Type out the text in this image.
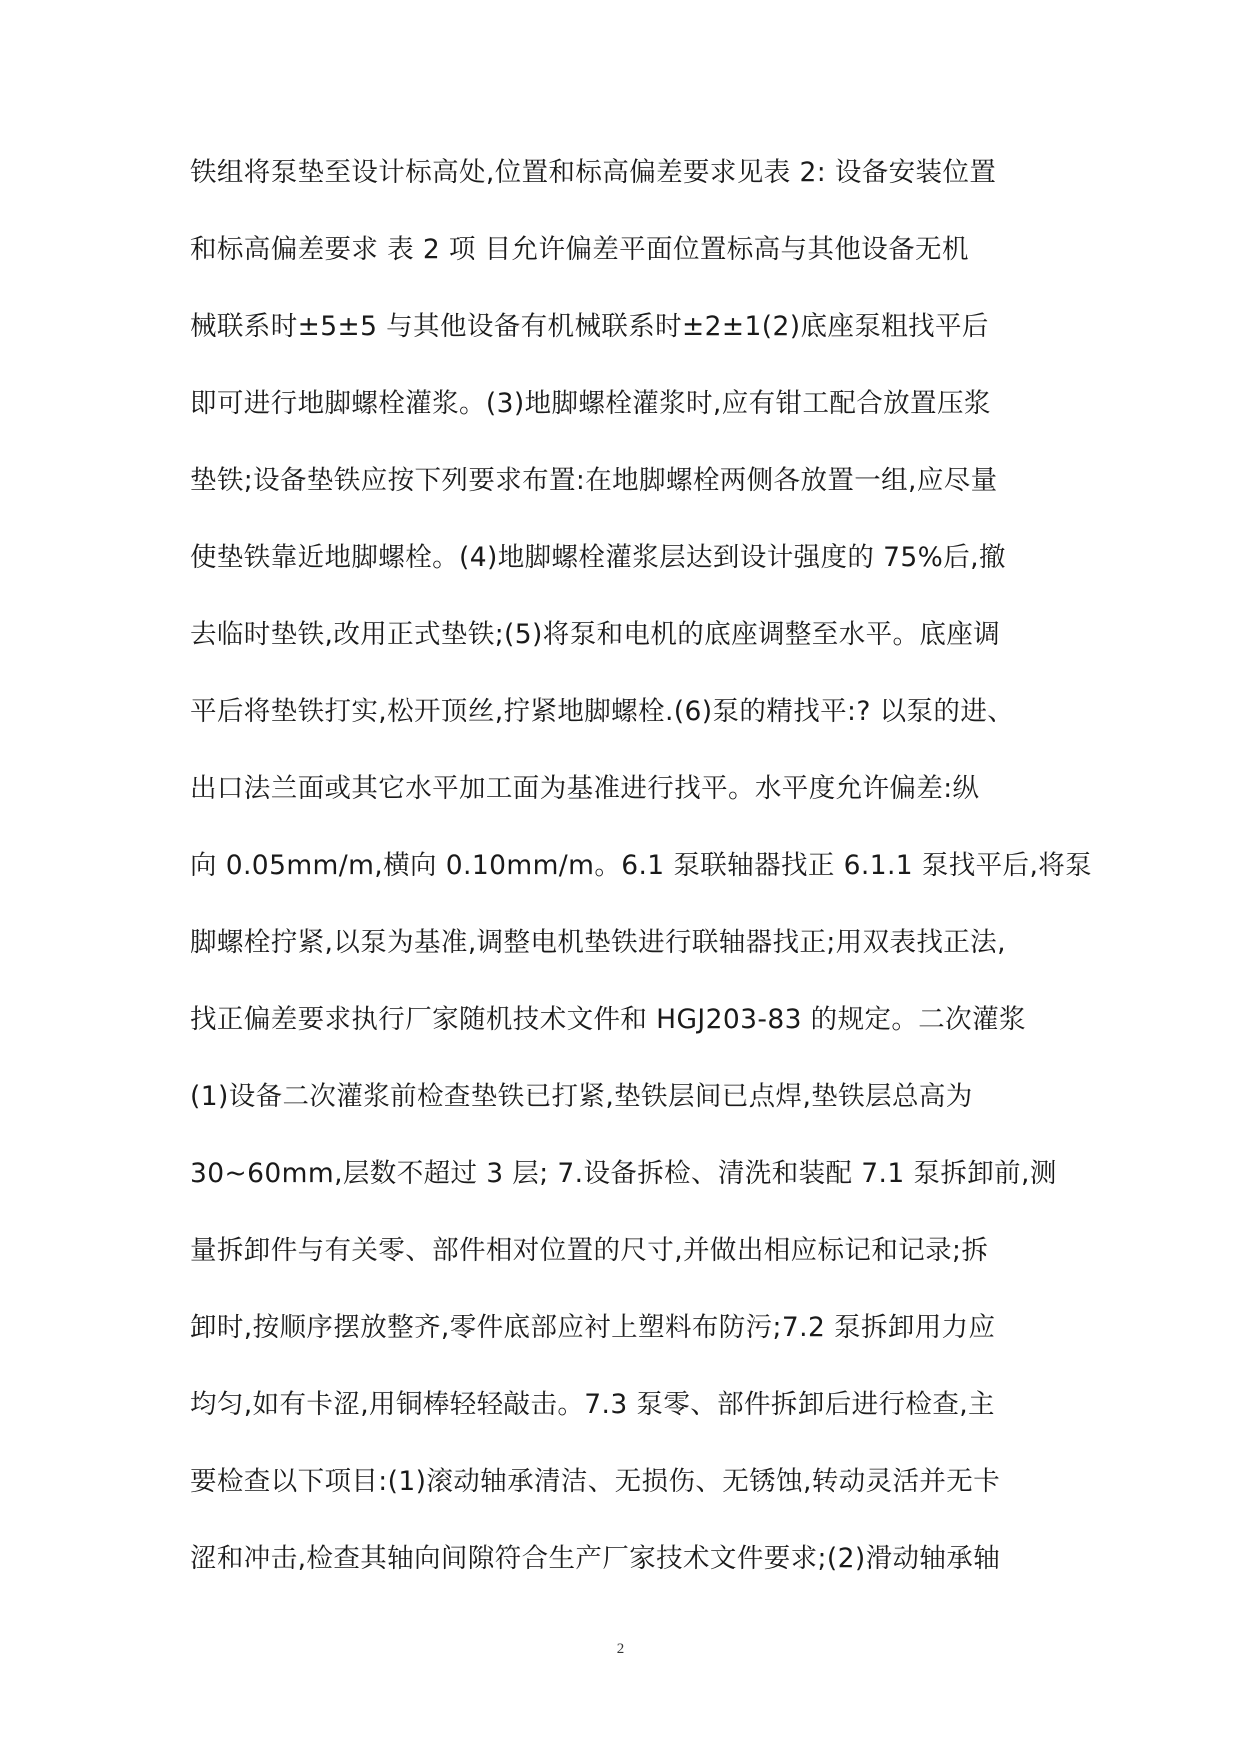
铁组将泵垫至设计标高处,位置和标高偏差要求见表 2: 设备安装位置
和标高偏差要求 表 2 项 目允许偏差平面位置标高与其他设备无机
械联系时±5±5 与其他设备有机械联系时±2±1(2)底座泵粗找平后
即可进行地脚螺栓灌浆。(3)地脚螺栓灌浆时,应有钳工配合放置压浆
垫铁;设备垫铁应按下列要求布置:在地脚螺栓两侧各放置一组,应尽量
使垫铁靠近地脚螺栓。(4)地脚螺栓灌浆层达到设计强度的 75%后,撤
去临时垫铁,改用正式垫铁;(5)将泵和电机的底座调整至水平。底座调
平后将垫铁打实,松开顶丝,拧紧地脚螺栓.(6)泵的精找平:? 以泵的进、
出口法兰面或其它水平加工面为基准进行找平。水平度允许偏差:纵
向 0.05mm/m,横向 0.10mm/m。6.1 泵联轴器找正 6.1.1 泵找平后,将泵
脚螺栓拧紧,以泵为基准,调整电机垫铁进行联轴器找正;用双表找正法,
找正偏差要求执行厂家随机技术文件和 HGJ203-83 的规定。二次灌浆
(1)设备二次灌浆前检查垫铁已打紧,垫铁层间已点焊,垫铁层总高为
30~60mm,层数不超过 3 层; 7.设备拆检、清洗和装配 7.1 泵拆卸前,测
量拆卸件与有关零、部件相对位置的尺寸,并做出相应标记和记录;拆
卸时,按顺序摆放整齐,零件底部应衬上塑料布防污;7.2 泵拆卸用力应
均匀,如有卡涩,用铜棒轻轻敲击。7.3 泵零、部件拆卸后进行检查,主
要检查以下项目:(1)滚动轴承清洁、无损伤、无锈蚀,转动灵活并无卡
涩和冲击,检查其轴向间隙符合生产厂家技术文件要求;(2)滑动轴承轴
2
